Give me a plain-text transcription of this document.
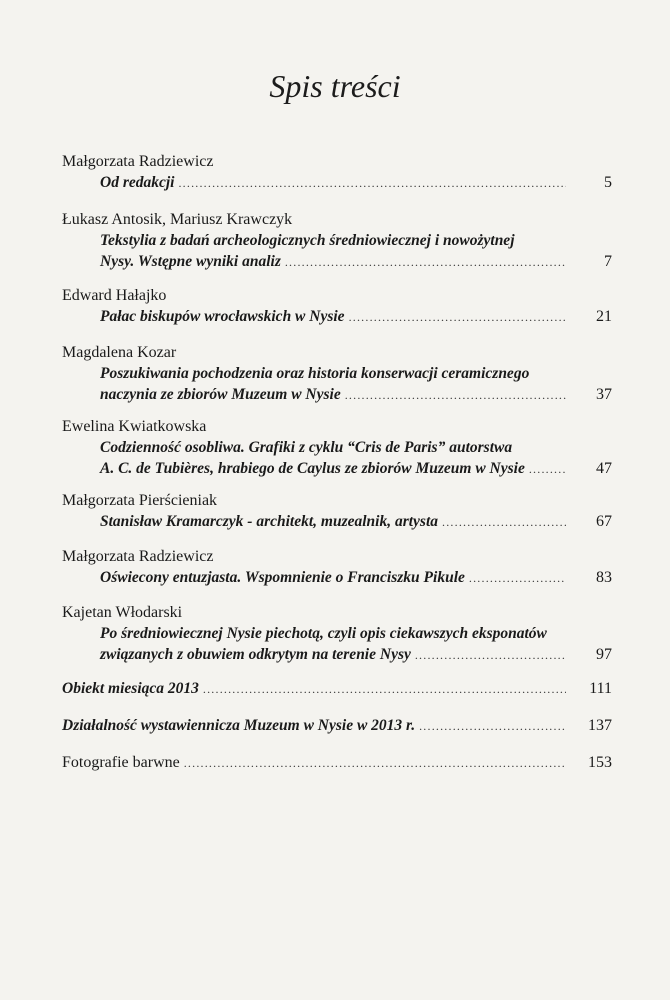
Spis treści
Małgorzata Radziewicz
Od redakcji .....	5
Łukasz Antosik, Mariusz Krawczyk
Tekstylia z badań archeologicznych średniowiecznej i nowożytnej
Nysy. Wstępne wyniki analiz .....	7
Edward Hałajko
Pałac biskupów wrocławskich w Nysie .....	21
Magdalena Kozar
Poszukiwania pochodzenia oraz historia konserwacji ceramicznego
naczynia ze zbiorów Muzeum w Nysie .....	37
Ewelina Kwiatkowska
Codzienność osobliwa. Grafiki z cyklu “Cris de Paris” autorstwa
A. C. de Tubières, hrabiego de Caylus ze zbiorów Muzeum w Nysie .....	47
Małgorzata Pierścieniak
Stanisław Kramarczyk - architekt, muzealnik, artysta .....	67
Małgorzata Radziewicz
Oświecony entuzjasta. Wspomnienie o Franciszku Pikule .....	83
Kajetan Włodarski
Po średniowiecznej Nysie piechotą, czyli opis ciekawszych eksponatów
związanych z obuwiem odkrytym na terenie Nysy .....	97
Obiekt miesiąca 2013 .....	111
Działalność wystawiennicza Muzeum w Nysie w 2013 r. .....	137
Fotografie barwne .....	153
